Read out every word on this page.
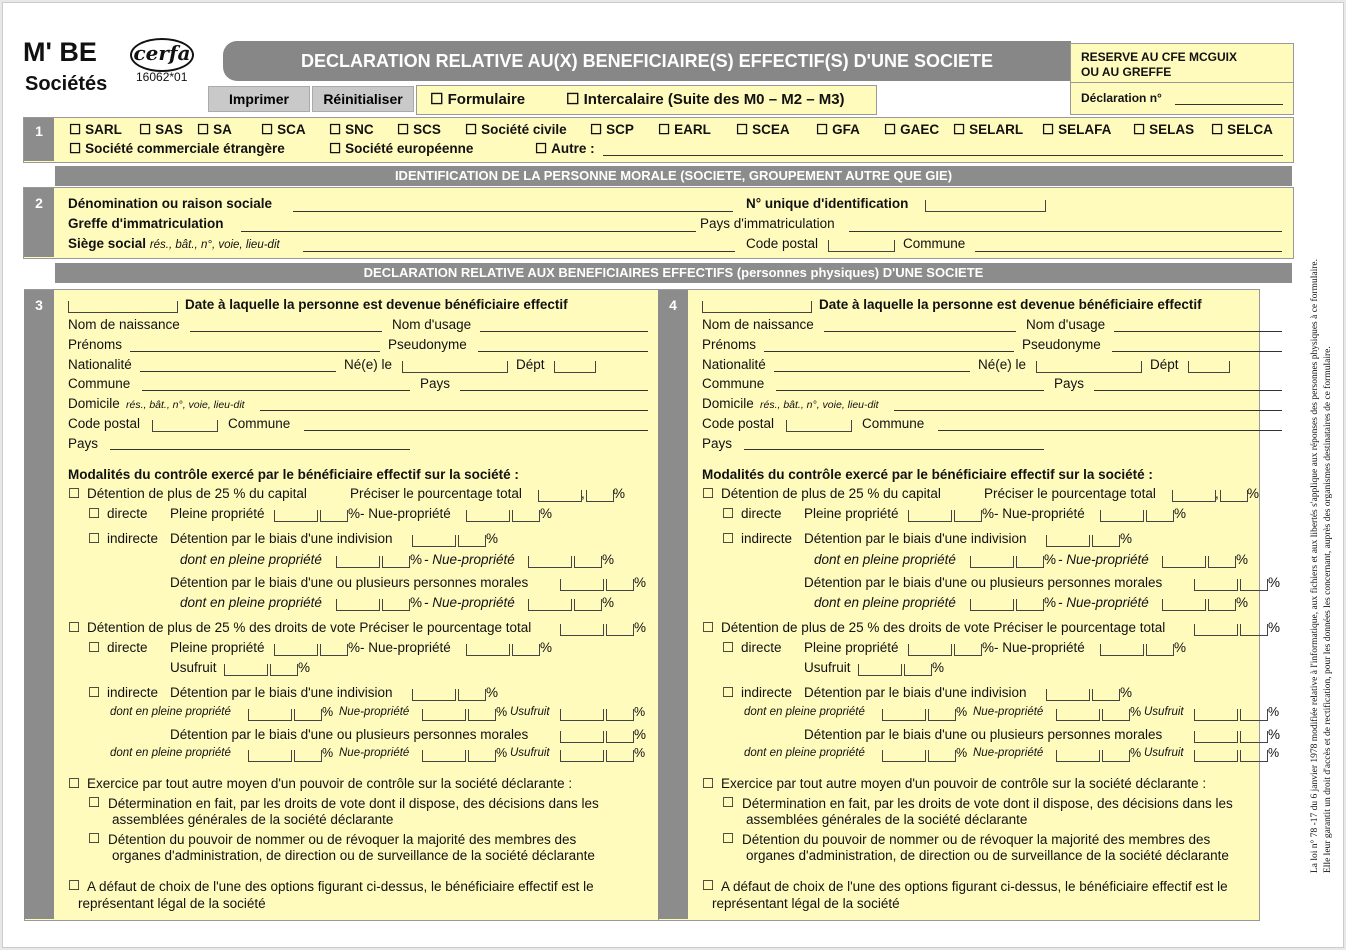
M' BE
Sociétés
cerfa
16062*01
DECLARATION RELATIVE AU(X) BENEFICIAIRE(S) EFFECTIF(S) D'UNE SOCIETE	RESERVE AU CFE MCGUIX
OU AU GREFFE
Déclaration n°
Imprimer	Réinitialiser ☐	Formulaire ☐	Intercalaire (Suite des M0 – M2 – M3)
1
IDENTIFICATION DE LA PERSONNE MORALE (SOCIETE, GROUPEMENT AUTRE QUE GIE)
2	Dénomination ou raison sociale	N° unique d'identification
Greffe d'immatriculation	Pays d'immatriculation
Siège social rés., bât., n°, voie, lieu-dit	Code postal	Commune
DECLARATION RELATIVE AUX BENEFICIAIRES EFFECTIFS (personnes physiques) D'UNE SOCIETE	La loi n° 78 -17 du 6 janvier 1978 modifiée relative à l'informatique, aux fichiers et aux libertés s'applique aux réponses des personnes physiques à ce formulaire. Elle leur garantit un droit d'accès et de rectification, pour les données les concernant, auprès des organismes destinataires de ce formulaire.
☐ SARL ☐	SAS ☐	SA ☐	SCA ☐	SNC ☐	SCS ☐	Société civile ☐	SCP ☐	EARL ☐	SCEA ☐	GFA ☐	GAEC ☐	SELARL ☐	SELAFA ☐	SELAS ☐	SELCA
☐ Société commerciale étrangère ☐	Société européenne ☐	Autre :
3	Date à laquelle la personne est devenue bénéficiaire effectif
Nom de naissance	Nom d'usage
Prénoms	Pseudonyme
Nationalité	Né(e) le	Dépt
Commune	Pays
Domicile rés., bât., n°, voie, lieu-dit
Code postal	Commune
Pays
Modalités du contrôle exercé par le bénéficiaire effectif sur la société :
☐
Détention de plus de 25 % du capital	Préciser le pourcentage total	, %
☐
directe Pleine propriété	% - Nue-propriété	%
☐
indirecte Détention par le biais d'une indivision	%
dont en pleine propriété	% - Nue-propriété	%
Détention par le biais d'une ou plusieurs personnes morales	%
dont en pleine propriété	% - Nue-propriété	%
☐
Détention de plus de 25 % des droits de vote Préciser le pourcentage total	%
☐
directe Pleine propriété	% - Nue-propriété	%
Usufruit	%
☐
indirecte Détention par le biais d'une indivision	%
dont en pleine propriété	% Nue-propriété	% Usufruit	%
Détention par le biais d'une ou plusieurs personnes morales	%
dont en pleine propriété	% Nue-propriété	% Usufruit	%
☐
Exercice par tout autre moyen d'un pouvoir de contrôle sur la société déclarante :
☐
Détermination en fait, par les droits de vote dont il dispose, des décisions dans les
assemblées générales de la société déclarante
☐
Détention du pouvoir de nommer ou de révoquer la majorité des membres des
organes d'administration, de direction ou de surveillance de la société déclarante
☐
A défaut de choix de l'une des options figurant ci-dessus, le bénéficiaire effectif est le
représentant légal de la société
4	Date à laquelle la personne est devenue bénéficiaire effectif
Nom de naissance	Nom d'usage
Prénoms	Pseudonyme
Nationalité	Né(e) le	Dépt
Commune	Pays
Domicile rés., bât., n°, voie, lieu-dit
Code postal	Commune
Pays
Modalités du contrôle exercé par le bénéficiaire effectif sur la société :
☐
Détention de plus de 25 % du capital	Préciser le pourcentage total	, %
☐
directe Pleine propriété	% - Nue-propriété	%
☐
indirecte Détention par le biais d'une indivision	%
dont en pleine propriété	% - Nue-propriété	%
Détention par le biais d'une ou plusieurs personnes morales	%
dont en pleine propriété	% - Nue-propriété	%
☐
Détention de plus de 25 % des droits de vote Préciser le pourcentage total	%
☐
directe Pleine propriété	% - Nue-propriété	%
Usufruit	%
☐
indirecte Détention par le biais d'une indivision	%
dont en pleine propriété	% Nue-propriété	% Usufruit	%
Détention par le biais d'une ou plusieurs personnes morales	%
dont en pleine propriété	% Nue-propriété	% Usufruit	%
☐
Exercice par tout autre moyen d'un pouvoir de contrôle sur la société déclarante :
☐
Détermination en fait, par les droits de vote dont il dispose, des décisions dans les
assemblées générales de la société déclarante
☐
Détention du pouvoir de nommer ou de révoquer la majorité des membres des
organes d'administration, de direction ou de surveillance de la société déclarante
☐
A défaut de choix de l'une des options figurant ci-dessus, le bénéficiaire effectif est le
représentant légal de la société
